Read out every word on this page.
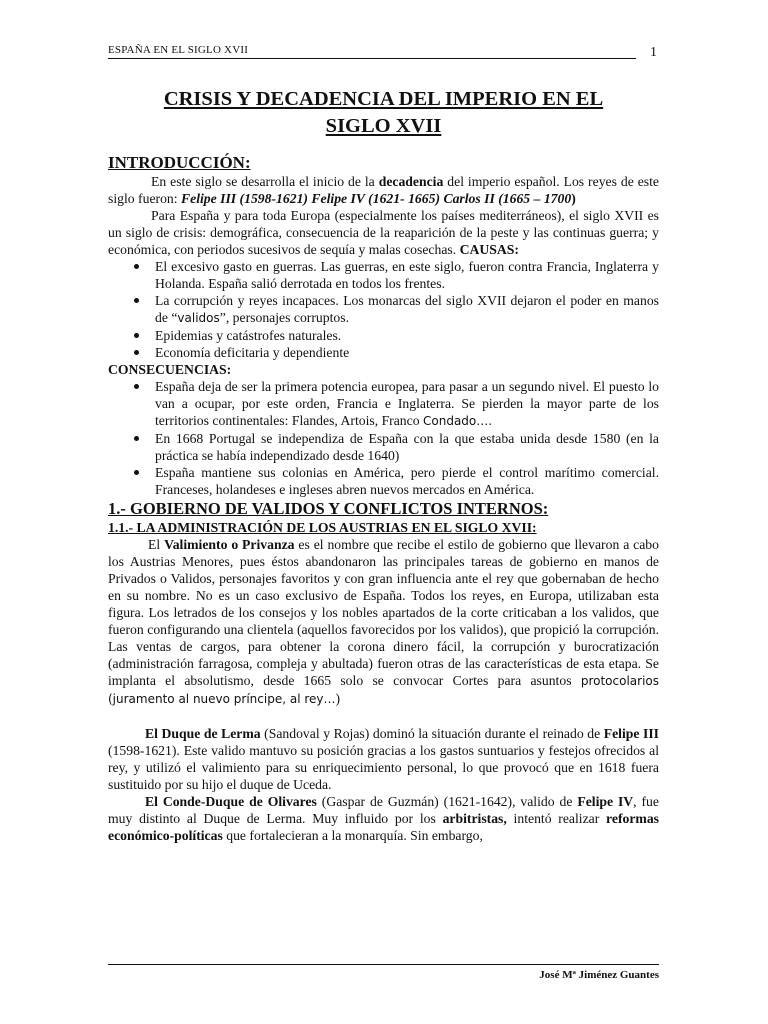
ESPAÑA EN EL SIGLO XVII	1
CRISIS Y DECADENCIA DEL IMPERIO EN EL
SIGLO XVII

INTRODUCCIÓN:

En este siglo se desarrolla el inicio de la decadencia del imperio español. Los reyes de este siglo fueron: Felipe III (1598-1621) Felipe IV (1621- 1665) Carlos II (1665 – 1700)

Para España y para toda Europa (especialmente los países mediterráneos), el siglo XVII es un siglo de crisis: demográfica, consecuencia de la reaparición de la peste y las continuas guerra; y económica, con periodos sucesivos de sequía y malas cosechas. CAUSAS:

El excesivo gasto en guerras. Las guerras, en este siglo, fueron contra Francia, Inglaterra y Holanda. España salió derrotada en todos los frentes.
La corrupción y reyes incapaces. Los monarcas del siglo XVII dejaron el poder en manos de “validos”, personajes corruptos.
Epidemias y catástrofes naturales.
Economía deficitaria y dependiente

CONSECUENCIAS:

España deja de ser la primera potencia europea, para pasar a un segundo nivel. El puesto lo van a ocupar, por este orden, Francia e Inglaterra. Se pierden la mayor parte de los territorios continentales: Flandes, Artois, Franco Condado….
En 1668 Portugal se independiza de España con la que estaba unida desde 1580 (en la práctica se había independizado desde 1640)
España mantiene sus colonias en América, pero pierde el control marítimo comercial. Franceses, holandeses e ingleses abren nuevos mercados en América.

1.- GOBIERNO DE VALIDOS Y CONFLICTOS INTERNOS:

1.1.- LA ADMINISTRACIÓN DE LOS AUSTRIAS EN EL SIGLO XVII:

El Valimiento o Privanza es el nombre que recibe el estilo de gobierno que llevaron a cabo los Austrias Menores, pues éstos abandonaron las principales tareas de gobierno en manos de Privados o Validos, personajes favoritos y con gran influencia ante el rey que gobernaban de hecho en su nombre. No es un caso exclusivo de España. Todos los reyes, en Europa, utilizaban esta figura. Los letrados de los consejos y los nobles apartados de la corte criticaban a los validos, que fueron configurando una clientela (aquellos favorecidos por los validos), que propició la corrupción. Las ventas de cargos, para obtener la corona dinero fácil, la corrupción y burocratización (administración farragosa, compleja y abultada) fueron otras de las características de esta etapa. Se implanta el absolutismo, desde 1665 solo se convocar Cortes para asuntos protocolarios (juramento al nuevo príncipe, al rey…)

El Duque de Lerma (Sandoval y Rojas) dominó la situación durante el reinado de Felipe III (1598-1621). Este valido mantuvo su posición gracias a los gastos suntuarios y festejos ofrecidos al rey, y utilizó el valimiento para su enriquecimiento personal, lo que provocó que en 1618 fuera sustituido por su hijo el duque de Uceda.

El Conde-Duque de Olivares (Gaspar de Guzmán) (1621-1642), valido de Felipe IV, fue muy distinto al Duque de Lerma. Muy influido por los arbitristas, intentó realizar reformas económico-políticas que fortalecieran a la monarquía. Sin embargo,

José Mª Jiménez Guantes
